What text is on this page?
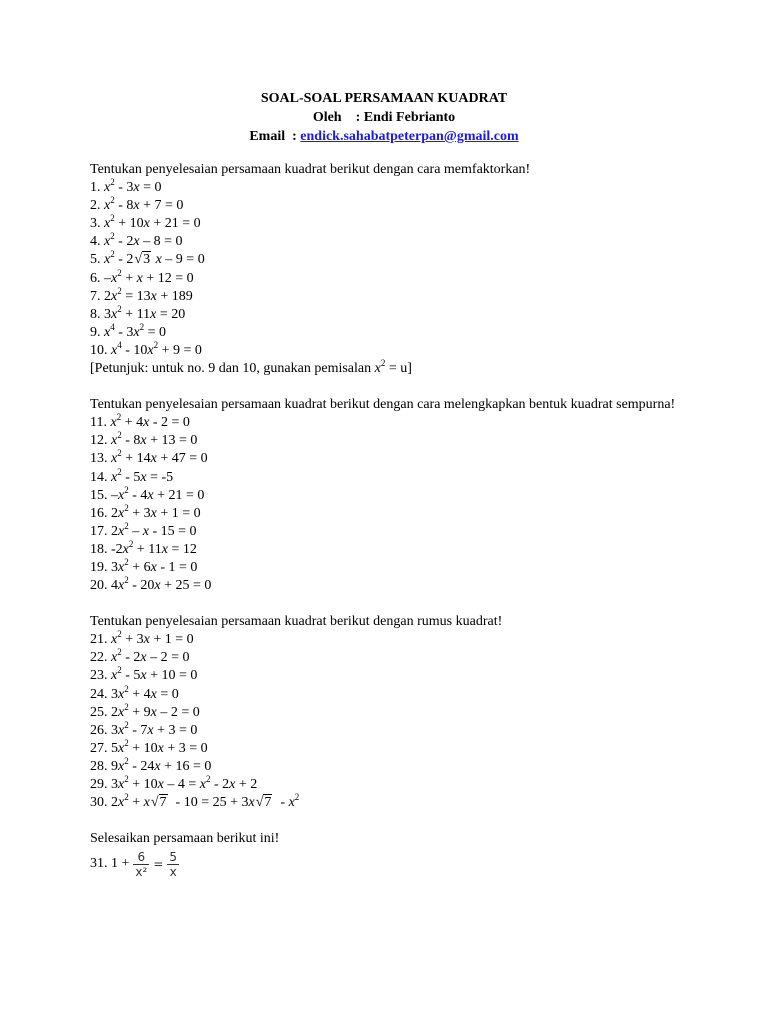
SOAL-SOAL PERSAMAAN KUADRAT
Oleh    : Endi Febrianto
Email  : endick.sahabatpeterpan@gmail.com
Tentukan penyelesaian persamaan kuadrat berikut dengan cara memfaktorkan!
1. $x^2 - 3x = 0$
2. $x^2 - 8x + 7 = 0$
3. $x^2 + 10x + 21 = 0$
4. $x^2 - 2x - 8 = 0$
5. $x^2 - 2√3$ x – 9 = 0
6. $-x^2 + x + 12 = 0$
7. $2x^2 = 13x + 189$
8. $3x^2 + 11x = 20$
9. $x^4 - 3x^2 = 0$
10. $x^4 - 10x^2 + 9 = 0$
[Petunjuk: untuk no. 9 dan 10, gunakan pemisalan $x^2 = u$]
Tentukan penyelesaian persamaan kuadrat berikut dengan cara melengkapkan bentuk kuadrat sempurna!
11. $x^2 + 4x - 2 = 0$
12. $x^2 - 8x + 13 = 0$
13. $x^2 + 14x + 47 = 0$
14. $x^2 - 5x = -5$
15. $-x^2 - 4x + 21 = 0$
16. $2x^2 + 3x + 1 = 0$
17. $2x^2 - x - 15 = 0$
18. $-2x^2 + 11x = 12$
19. $3x^2 + 6x - 1 = 0$
20. $4x^2 - 20x + 25 = 0$
Tentukan penyelesaian persamaan kuadrat berikut dengan rumus kuadrat!
21. $x^2 + 3x + 1 = 0$
22. $x^2 - 2x - 2 = 0$
23. $x^2 - 5x + 10 = 0$
24. $3x^2 + 4x = 0$
25. $2x^2 + 9x - 2 = 0$
26. $3x^2 - 7x + 3 = 0$
27. $5x^2 + 10x + 3 = 0$
28. $9x^2 - 24x + 16 = 0$
29. $3x^2 + 10x - 4 = x^2 - 2x + 2$
30. $2x^2 + x√7 - 10 = 25 + 3x√7 - x^2$
Selesaikan persamaan berikut ini!
31. $1 + \frac{6}{\text{x²}} = \frac{5}{x}$
